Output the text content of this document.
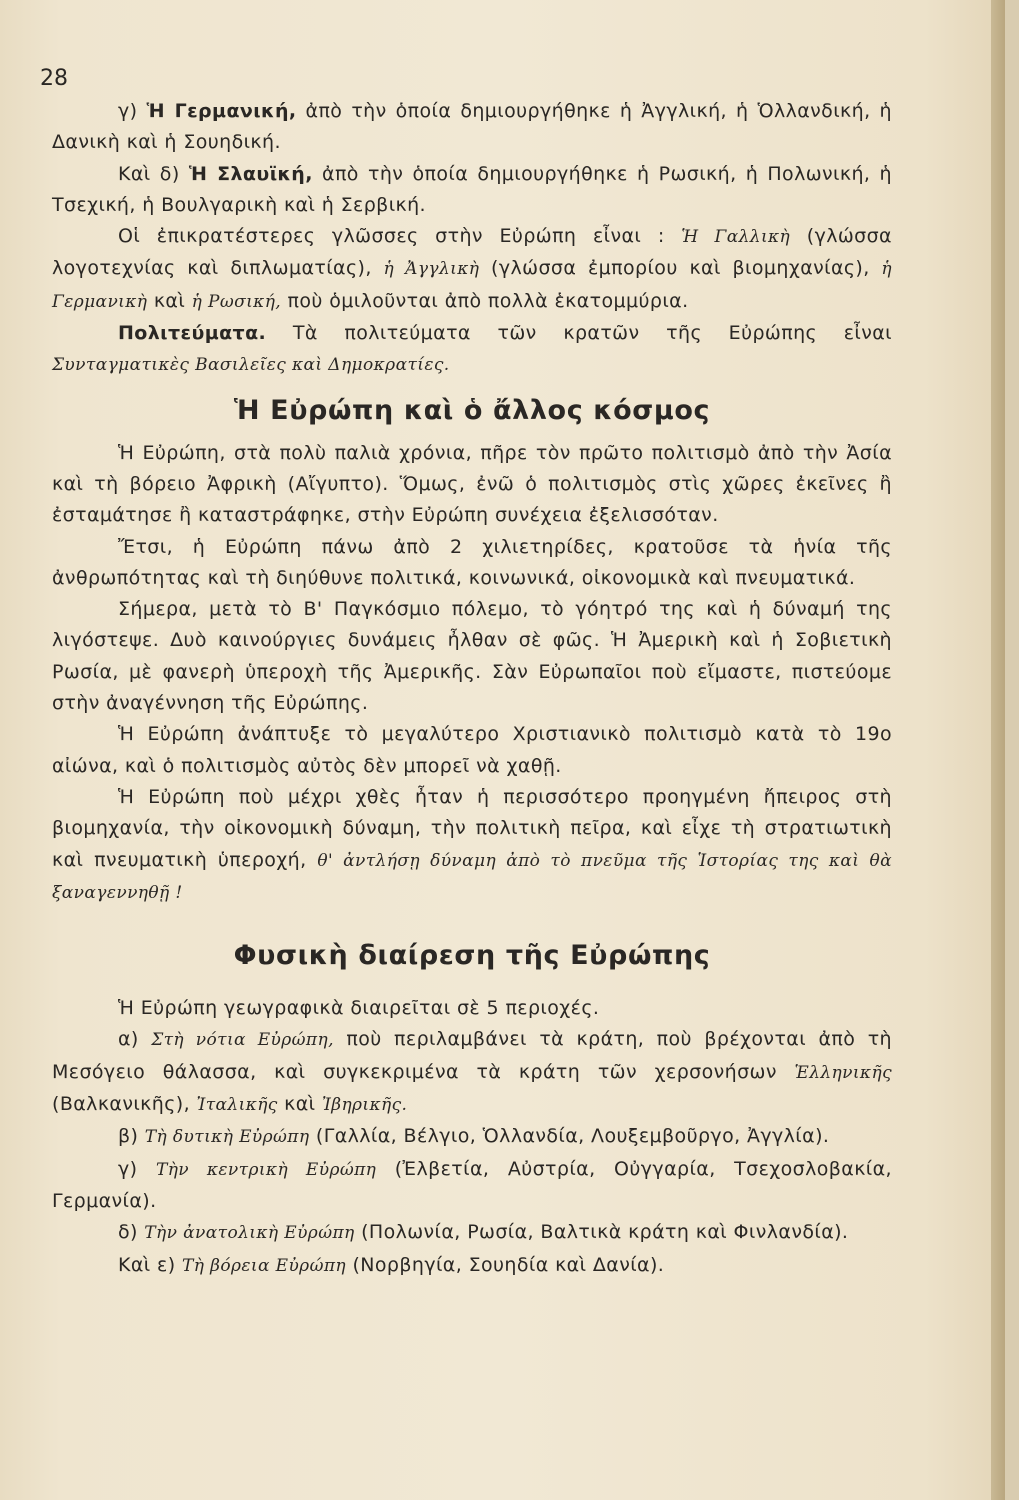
28

γ) Ἡ Γερμανική, ἀπὸ τὴν ὁποία δημιουργήθηκε ἡ Ἀγγλική, ἡ Ὁλλανδική, ἡ Δανικὴ καὶ ἡ Σουηδική.

Καὶ δ) Ἡ Σλαυϊκή, ἀπὸ τὴν ὁποία δημιουργήθηκε ἡ Ρωσική, ἡ Πολωνική, ἡ Τσεχική, ἡ Βουλγαρικὴ καὶ ἡ Σερβική.

Οἱ ἐπικρατέστερες γλῶσσες στὴν Εὐρώπη εἶναι : Ἡ Γαλλικὴ (γλώσσα λογοτεχνίας καὶ διπλωματίας), ἡ Ἀγγλικὴ (γλώσσα ἐμπορίου καὶ βιομηχανίας), ἡ Γερμανικὴ καὶ ἡ Ρωσική, ποὺ ὁμιλοῦνται ἀπὸ πολλὰ ἑκατομμύρια.

Πολιτεύματα. Τὰ πολιτεύματα τῶν κρατῶν τῆς Εὐρώπης εἶναι Συνταγματικὲς Βασιλεῖες καὶ Δημοκρατίες.

Ἡ Εὐρώπη καὶ ὁ ἄλλος κόσμος

Ἡ Εὐρώπη, στὰ πολὺ παλιὰ χρόνια, πῆρε τὸν πρῶτο πολιτισμὸ ἀπὸ τὴν Ἀσία καὶ τὴ βόρειο Ἀφρικὴ (Αἴγυπτο). Ὅμως, ἐνῶ ὁ πολιτισμὸς στὶς χῶρες ἐκεῖνες ἢ ἐσταμάτησε ἢ καταστράφηκε, στὴν Εὐρώπη συνέχεια ἐξελισσόταν.

Ἔτσι, ἡ Εὐρώπη πάνω ἀπὸ 2 χιλιετηρίδες, κρατοῦσε τὰ ἡνία τῆς ἀνθρωπότητας καὶ τὴ διηύθυνε πολιτικά, κοινωνικά, οἰκονομικὰ καὶ πνευματικά.

Σήμερα, μετὰ τὸ Β' Παγκόσμιο πόλεμο, τὸ γόητρό της καὶ ἡ δύναμή της λιγόστεψε. Δυὸ καινούργιες δυνάμεις ἦλθαν σὲ φῶς. Ἡ Ἀμερικὴ καὶ ἡ Σοβιετικὴ Ρωσία, μὲ φανερὴ ὑπεροχὴ τῆς Ἀμερικῆς. Σὰν Εὐρωπαῖοι ποὺ εἴμαστε, πιστεύομε στὴν ἀναγέννηση τῆς Εὐρώπης.

Ἡ Εὐρώπη ἀνάπτυξε τὸ μεγαλύτερο Χριστιανικὸ πολιτισμὸ κατὰ τὸ 19ο αἰώνα, καὶ ὁ πολιτισμὸς αὐτὸς δὲν μπορεῖ νὰ χαθῇ.

Ἡ Εὐρώπη ποὺ μέχρι χθὲς ἦταν ἡ περισσότερο προηγμένη ἤπειρος στὴ βιομηχανία, τὴν οἰκονομικὴ δύναμη, τὴν πολιτικὴ πεῖρα, καὶ εἶχε τὴ στρατιωτικὴ καὶ πνευματικὴ ὑπεροχή, θ' ἀντλήσῃ δύναμη ἀπὸ τὸ πνεῦμα τῆς Ἱστορίας της καὶ θὰ ξαναγεννηθῇ !

Φυσικὴ διαίρεση τῆς Εὐρώπης

Ἡ Εὐρώπη γεωγραφικὰ διαιρεῖται σὲ 5 περιοχές.

α) Στὴ νότια Εὐρώπη, ποὺ περιλαμβάνει τὰ κράτη, ποὺ βρέχονται ἀπὸ τὴ Μεσόγειο θάλασσα, καὶ συγκεκριμένα τὰ κράτη τῶν χερσονήσων Ἑλληνικῆς (Βαλκανικῆς), Ἰταλικῆς καὶ Ἰβηρικῆς.

β) Τὴ δυτικὴ Εὐρώπη (Γαλλία, Βέλγιο, Ὁλλανδία, Λουξεμβοῦργο, Ἀγγλία).

γ) Τὴν κεντρικὴ Εὐρώπη (Ἐλβετία, Αὐστρία, Οὐγγαρία, Τσεχοσλοβακία, Γερμανία).

δ) Τὴν ἀνατολικὴ Εὐρώπη (Πολωνία, Ρωσία, Βαλτικὰ κράτη καὶ Φινλανδία).

Καὶ ε) Τὴ βόρεια Εὐρώπη (Νορβηγία, Σουηδία καὶ Δανία).
